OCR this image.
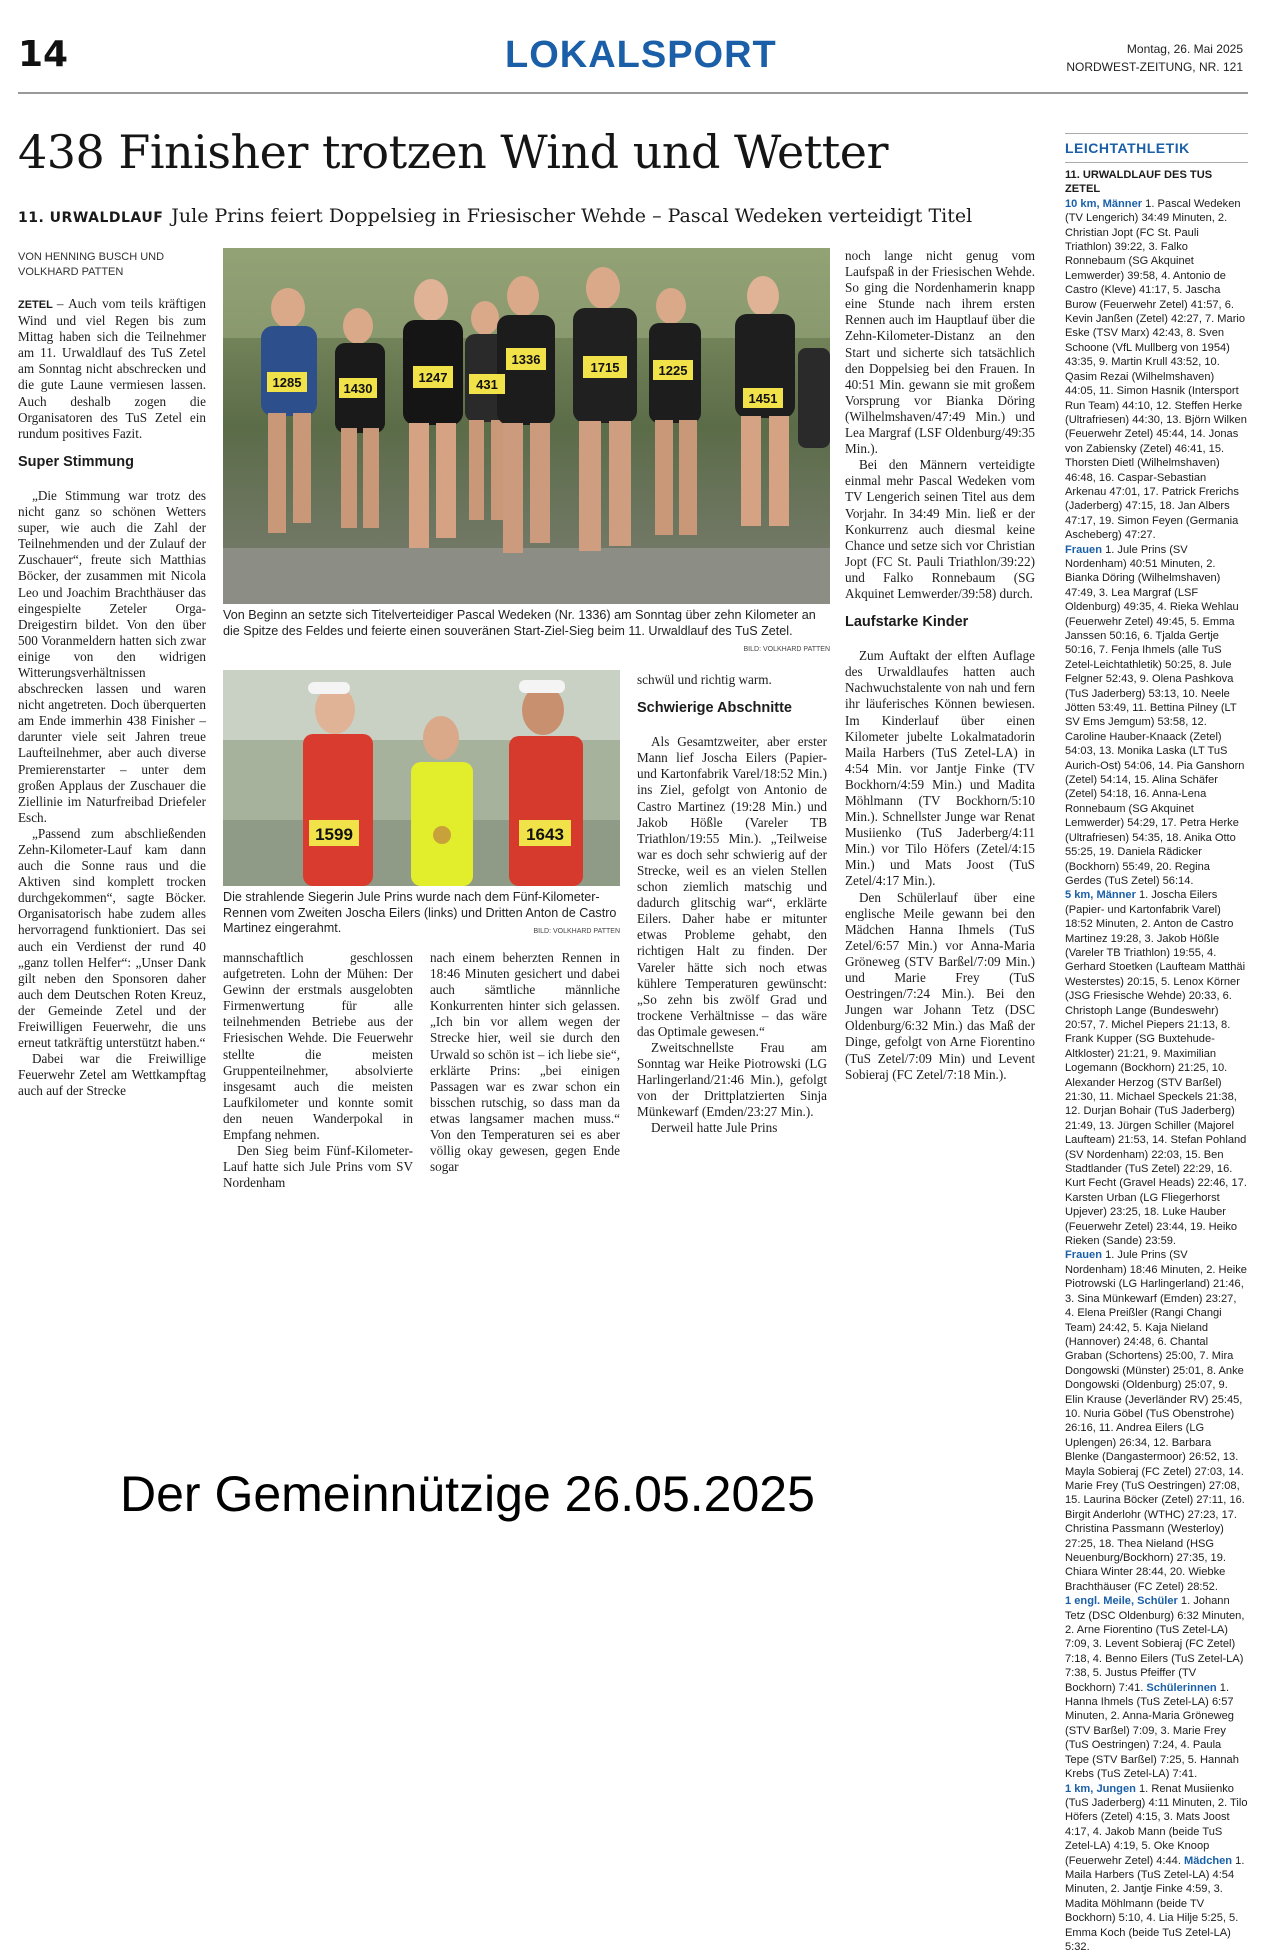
14	LOKALSPORT	Montag, 26. Mai 2025
NORDWEST-ZEITUNG, NR. 121
438 Finisher trotzen Wind und Wetter
11. URWALDLAUF Jule Prins feiert Doppelsieg in Friesischer Wehde – Pascal Wedeken verteidigt Titel
VON HENNING BUSCH UND VOLKHARD PATTEN

ZETEL – Auch vom teils kräftigen Wind und viel Regen bis zum Mittag haben sich die Teilnehmer am 11. Urwaldlauf des TuS Zetel am Sonntag nicht abschrecken und die gute Laune vermiesen lassen. Auch deshalb zogen die Organisatoren des TuS Zetel ein rundum positives Fazit.

Super Stimmung

„Die Stimmung war trotz des nicht ganz so schönen Wetters super, wie auch die Zahl der Teilnehmenden und der Zulauf der Zuschauer“, freute sich Matthias Böcker, der zusammen mit Nicola Leo und Joachim Brachthäuser das eingespielte Zeteler Orga-Dreigestirn bildet. Von den über 500 Voranmeldern hatten sich zwar einige von den widrigen Witterungsverhältnissen abschrecken lassen und waren nicht angetreten. Doch überquerten am Ende immerhin 438 Finisher – darunter viele seit Jahren treue Laufteilnehmer, aber auch diverse Premierenstarter – unter dem großen Applaus der Zuschauer die Ziellinie im Naturfreibad Driefeler Esch.

„Passend zum abschließenden Zehn-Kilometer-Lauf kam dann auch die Sonne raus und die Aktiven sind komplett trocken durchgekommen“, sagte Böcker. Organisatorisch habe zudem alles hervorragend funktioniert. Das sei auch ein Verdienst der rund 40 „ganz tollen Helfer“: „Unser Dank gilt neben den Sponsoren daher auch dem Deutschen Roten Kreuz, der Gemeinde Zetel und der Freiwilligen Feuerwehr, die uns erneut tatkräftig unterstützt haben.“

Dabei war die Freiwillige Feuerwehr Zetel am Wettkampftag auch auf der Strecke

1285	1430
1247 431
1336
1715	1225
1451
Von Beginn an setzte sich Titelverteidiger Pascal Wedeken (Nr. 1336) am Sonntag über zehn Kilometer an die Spitze des Feldes und feierte einen souveränen Start-Ziel-Sieg beim 11. Urwaldlauf des TuS Zetel.
BILD: VOLKHARD PATTEN
1599	1643
Die strahlende Siegerin Jule Prins wurde nach dem Fünf-Kilometer-Rennen vom Zweiten Joscha Eilers (links) und Dritten Anton de Castro Martinez eingerahmt.	BILD: VOLKHARD PATTEN

mannschaftlich geschlossen aufgetreten. Lohn der Mühen: Der Gewinn der erstmals ausgelobten Firmenwertung für alle teilnehmenden Betriebe aus der Friesischen Wehde. Die Feuerwehr stellte die meisten Gruppenteilnehmer, absolvierte insgesamt auch die meisten Laufkilometer und konnte somit den neuen Wanderpokal in Empfang nehmen.

Den Sieg beim Fünf-Kilometer-Lauf hatte sich Jule Prins vom SV Nordenham

nach einem beherzten Rennen in 18:46 Minuten gesichert und dabei auch sämtliche männliche Konkurrenten hinter sich gelassen. „Ich bin vor allem wegen der Strecke hier, weil sie durch den Urwald so schön ist – ich liebe sie“, erklärte Prins: „bei einigen Passagen war es zwar schon ein bisschen rutschig, so dass man da etwas langsamer machen muss.“ Von den Temperaturen sei es aber völlig okay gewesen, gegen Ende sogar

schwül und richtig warm.

Schwierige Abschnitte

Als Gesamtzweiter, aber erster Mann lief Joscha Eilers (Papier- und Kartonfabrik Varel/18:52 Min.) ins Ziel, gefolgt von Antonio de Castro Martinez (19:28 Min.) und Jakob Hößle (Vareler TB Triathlon/19:55 Min.). „Teilweise war es doch sehr schwierig auf der Strecke, weil es an vielen Stellen schon ziemlich matschig und dadurch glitschig war“, erklärte Eilers. Daher habe er mitunter etwas Probleme gehabt, den richtigen Halt zu finden. Der Vareler hätte sich noch etwas kühlere Temperaturen gewünscht: „So zehn bis zwölf Grad und trockene Verhältnisse – das wäre das Optimale gewesen.“

Zweitschnellste Frau am Sonntag war Heike Piotrowski (LG Harlingerland/21:46 Min.), gefolgt von der Drittplatzierten Sinja Münkewarf (Emden/23:27 Min.).

Derweil hatte Jule Prins

noch lange nicht genug vom Laufspaß in der Friesischen Wehde. So ging die Nordenhamerin knapp eine Stunde nach ihrem ersten Rennen auch im Hauptlauf über die Zehn-Kilometer-Distanz an den Start und sicherte sich tatsächlich den Doppelsieg bei den Frauen. In 40:51 Min. gewann sie mit großem Vorsprung vor Bianka Döring (Wilhelmshaven/47:49 Min.) und Lea Margraf (LSF Oldenburg/49:35 Min.).

Bei den Männern verteidigte einmal mehr Pascal Wedeken vom TV Lengerich seinen Titel aus dem Vorjahr. In 34:49 Min. ließ er der Konkurrenz auch diesmal keine Chance und setze sich vor Christian Jopt (FC St. Pauli Triathlon/39:22) und Falko Ronnebaum (SG Akquinet Lemwerder/39:58) durch.

Laufstarke Kinder

Zum Auftakt der elften Auflage des Urwaldlaufes hatten auch Nachwuchstalente von nah und fern ihr läuferisches Können bewiesen. Im Kinderlauf über einen Kilometer jubelte Lokalmatadorin Maila Harbers (TuS Zetel-LA) in 4:54 Min. vor Jantje Finke (TV Bockhorn/4:59 Min.) und Madita Möhlmann (TV Bockhorn/5:10 Min.). Schnellster Junge war Renat Musiienko (TuS Jaderberg/4:11 Min.) vor Tilo Höfers (Zetel/4:15 Min.) und Mats Joost (TuS Zetel/4:17 Min.).

Den Schülerlauf über eine englische Meile gewann bei den Mädchen Hanna Ihmels (TuS Zetel/6:57 Min.) vor Anna-Maria Gröneweg (STV Barßel/7:09 Min.) und Marie Frey (TuS Oestringen/7:24 Min.). Bei den Jungen war Johann Tetz (DSC Oldenburg/6:32 Min.) das Maß der Dinge, gefolgt von Arne Fiorentino (TuS Zetel/7:09 Min) und Levent Sobieraj (FC Zetel/7:18 Min.).

LEICHTATHLETIK
11. URWALDLAUF DES TUS ZETEL
10 km, Männer 1. Pascal Wedeken (TV Lengerich) 34:49 Minuten, 2. Christian Jopt (FC St. Pauli Triathlon) 39:22, 3. Falko Ronnebaum (SG Akquinet Lemwerder) 39:58, 4. Antonio de Castro (Kleve) 41:17, 5. Jascha Burow (Feuerwehr Zetel) 41:57, 6. Kevin Janßen (Zetel) 42:27, 7. Mario Eske (TSV Marx) 42:43, 8. Sven Schoone (VfL Mullberg von 1954) 43:35, 9. Martin Krull 43:52, 10. Qasim Rezai (Wilhelmshaven) 44:05, 11. Simon Hasnik (Intersport Run Team) 44:10, 12. Steffen Herke (Ultrafriesen) 44:30, 13. Björn Wilken (Feuerwehr Zetel) 45:44, 14. Jonas von Zabiensky (Zetel) 46:41, 15. Thorsten Dietl (Wilhelmshaven) 46:48, 16. Caspar-Sebastian Arkenau 47:01, 17. Patrick Frerichs (Jaderberg) 47:15, 18. Jan Albers 47:17, 19. Simon Feyen (Germania Ascheberg) 47:27.
Frauen 1. Jule Prins (SV Nordenham) 40:51 Minuten, 2. Bianka Döring (Wilhelmshaven) 47:49, 3. Lea Margraf (LSF Oldenburg) 49:35, 4. Rieka Wehlau (Feuerwehr Zetel) 49:45, 5. Emma Janssen 50:16, 6. Tjalda Gertje 50:16, 7. Fenja Ihmels (alle TuS Zetel-Leichtathletik) 50:25, 8. Jule Felgner 52:43, 9. Olena Pashkova (TuS Jaderberg) 53:13, 10. Neele Jötten 53:49, 11. Bettina Pilney (LT SV Ems Jemgum) 53:58, 12. Caroline Hauber-Knaack (Zetel) 54:03, 13. Monika Laska (LT TuS Aurich-Ost) 54:06, 14. Pia Ganshorn (Zetel) 54:14, 15. Alina Schäfer (Zetel) 54:18, 16. Anna-Lena Ronnebaum (SG Akquinet Lemwerder) 54:29, 17. Petra Herke (Ultrafriesen) 54:35, 18. Anika Otto 55:25, 19. Daniela Rädicker (Bockhorn) 55:49, 20. Regina Gerdes (TuS Zetel) 56:14.
5 km, Männer 1. Joscha Eilers (Papier- und Kartonfabrik Varel) 18:52 Minuten, 2. Anton de Castro Martinez 19:28, 3. Jakob Hößle (Vareler TB Triathlon) 19:55, 4. Gerhard Stoetken (Laufteam Matthäi Westerstes) 20:15, 5. Lenox Körner (JSG Friesische Wehde) 20:33, 6. Christoph Lange (Bundeswehr) 20:57, 7. Michel Piepers 21:13, 8. Frank Kupper (SG Buxtehude-Altkloster) 21:21, 9. Maximilian Logemann (Bockhorn) 21:25, 10. Alexander Herzog (STV Barßel) 21:30, 11. Michael Speckels 21:38, 12. Durjan Bohair (TuS Jaderberg) 21:49, 13. Jürgen Schiller (Majorel Laufteam) 21:53, 14. Stefan Pohland (SV Nordenham) 22:03, 15. Ben Stadtlander (TuS Zetel) 22:29, 16. Kurt Fecht (Gravel Heads) 22:46, 17. Karsten Urban (LG Fliegerhorst Upjever) 23:25, 18. Luke Hauber (Feuerwehr Zetel) 23:44, 19. Heiko Rieken (Sande) 23:59.
Frauen 1. Jule Prins (SV Nordenham) 18:46 Minuten, 2. Heike Piotrowski (LG Harlingerland) 21:46, 3. Sina Münkewarf (Emden) 23:27, 4. Elena Preißler (Rangi Changi Team) 24:42, 5. Kaja Nieland (Hannover) 24:48, 6. Chantal Graban (Schortens) 25:00, 7. Mira Dongowski (Münster) 25:01, 8. Anke Dongowski (Oldenburg) 25:07, 9. Elin Krause (Jeverländer RV) 25:45, 10. Nuria Göbel (TuS Obenstrohe) 26:16, 11. Andrea Eilers (LG Uplengen) 26:34, 12. Barbara Blenke (Dangastermoor) 26:52, 13. Mayla Sobieraj (FC Zetel) 27:03, 14. Marie Frey (TuS Oestringen) 27:08, 15. Laurina Böcker (Zetel) 27:11, 16. Birgit Anderlohr (WTHC) 27:23, 17. Christina Passmann (Westerloy) 27:25, 18. Thea Nieland (HSG Neuenburg/Bockhorn) 27:35, 19. Chiara Winter 28:44, 20. Wiebke Brachthäuser (FC Zetel) 28:52.
1 engl. Meile, Schüler 1. Johann Tetz (DSC Oldenburg) 6:32 Minuten, 2. Arne Fiorentino (TuS Zetel-LA) 7:09, 3. Levent Sobieraj (FC Zetel) 7:18, 4. Benno Eilers (TuS Zetel-LA) 7:38, 5. Justus Pfeiffer (TV Bockhorn) 7:41. Schülerinnen 1. Hanna Ihmels (TuS Zetel-LA) 6:57 Minuten, 2. Anna-Maria Gröneweg (STV Barßel) 7:09, 3. Marie Frey (TuS Oestringen) 7:24, 4. Paula Tepe (STV Barßel) 7:25, 5. Hannah Krebs (TuS Zetel-LA) 7:41.
1 km, Jungen 1. Renat Musiienko (TuS Jaderberg) 4:11 Minuten, 2. Tilo Höfers (Zetel) 4:15, 3. Mats Joost 4:17, 4. Jakob Mann (beide TuS Zetel-LA) 4:19, 5. Oke Knoop (Feuerwehr Zetel) 4:44. Mädchen 1. Maila Harbers (TuS Zetel-LA) 4:54 Minuten, 2. Jantje Finke 4:59, 3. Madita Möhlmann (beide TV Bockhorn) 5:10, 4. Lia Hilje 5:25, 5. Emma Koch (beide TuS Zetel-LA) 5:32.
Der Gemeinnützige 26.05.2025
